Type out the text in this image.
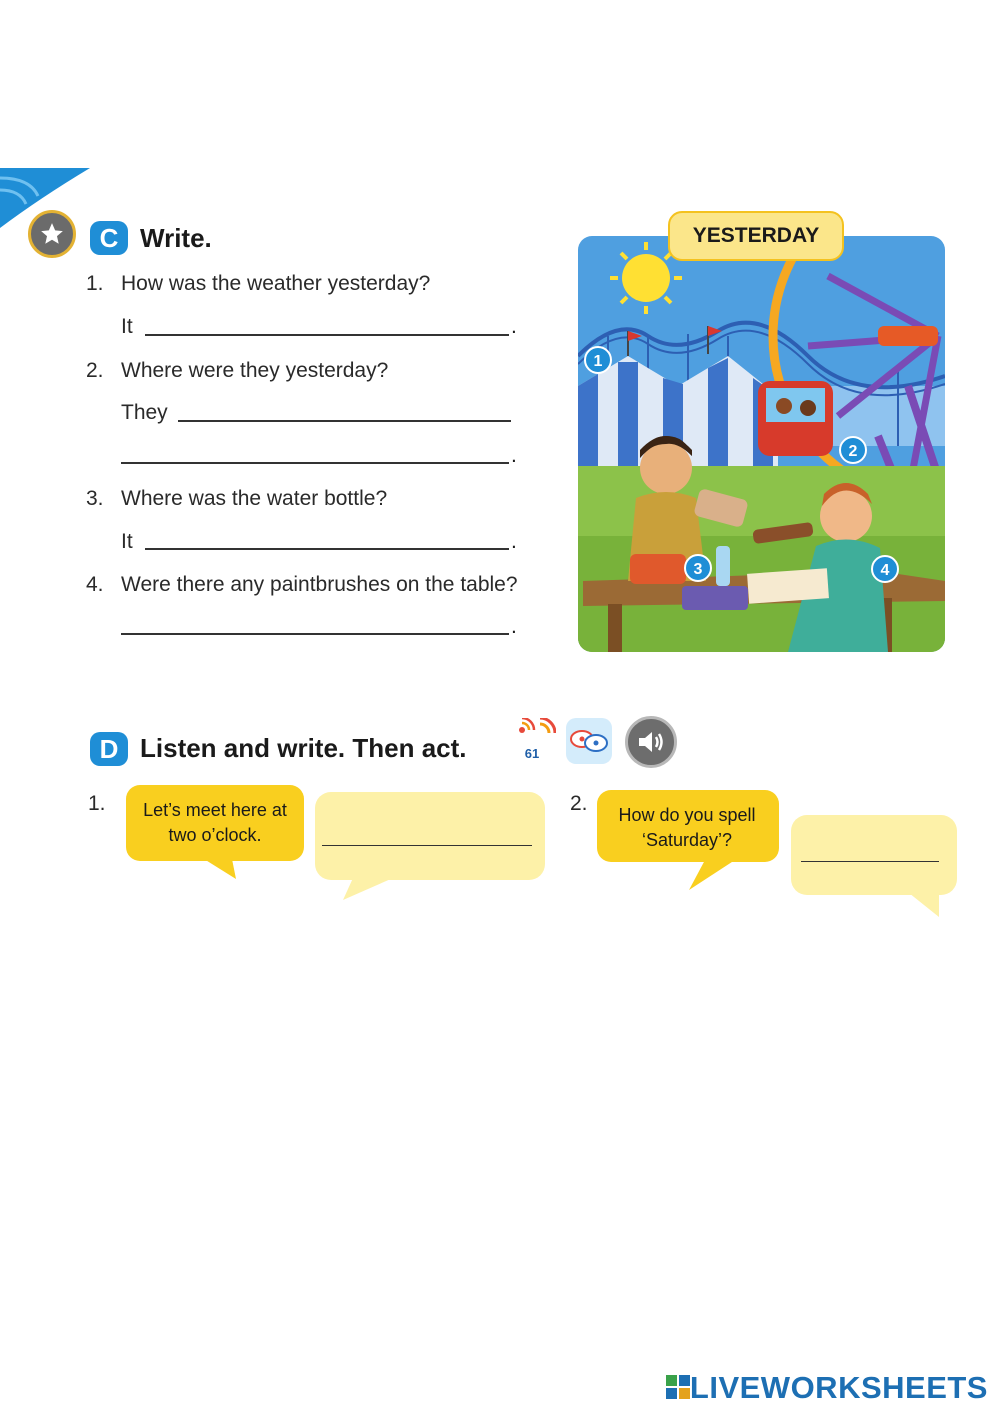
C Write.
1. How was the weather yesterday?
It	.
2. Where were they yesterday?
They
.
3. Where was the water bottle?
It	.
4. Were there any paintbrushes on the table?
.
1
2
3	4
YESTERDAY
D Listen and write. Then act.	61
1.	Let’s meet here at two o’clock.
2.	How do you spell ‘Saturday’?
LIVEWORKSHEETS
